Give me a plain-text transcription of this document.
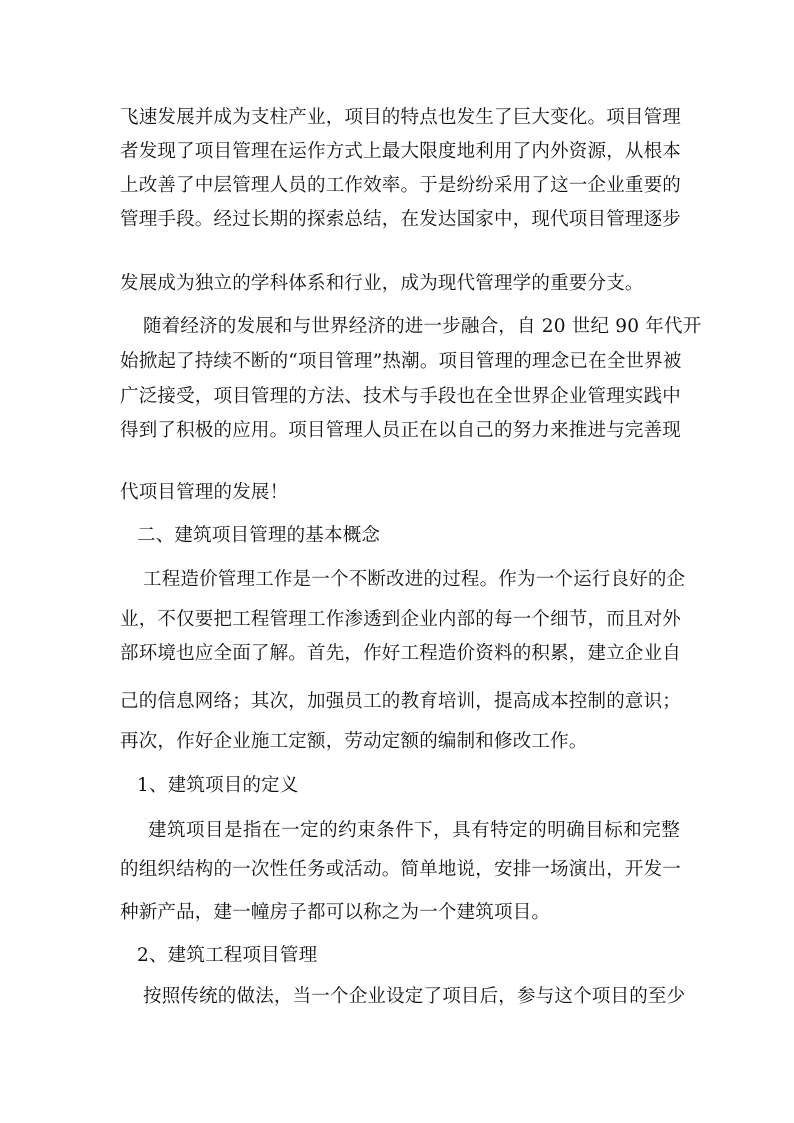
飞速发展并成为支柱产业，项目的特点也发生了巨大变化。项目管理

者发现了项目管理在运作方式上最大限度地利用了内外资源，从根本

上改善了中层管理人员的工作效率。于是纷纷采用了这一企业重要的

管理手段。经过长期的探索总结，在发达国家中，现代项目管理逐步

发展成为独立的学科体系和行业，成为现代管理学的重要分支。

随着经济的发展和与世界经济的进一步融合，自 20 世纪 90 年代开

始掀起了持续不断的“项目管理”热潮。项目管理的理念已在全世界被

广泛接受，项目管理的方法、技术与手段也在全世界企业管理实践中

得到了积极的应用。项目管理人员正在以自己的努力来推进与完善现

代项目管理的发展！

二、建筑项目管理的基本概念

工程造价管理工作是一个不断改进的过程。作为一个运行良好的企

业，不仅要把工程管理工作渗透到企业内部的每一个细节，而且对外

部环境也应全面了解。首先，作好工程造价资料的积累，建立企业自

己的信息网络；其次，加强员工的教育培训，提高成本控制的意识；

再次，作好企业施工定额，劳动定额的编制和修改工作。

1、建筑项目的定义

建筑项目是指在一定的约束条件下，具有特定的明确目标和完整

的组织结构的一次性任务或活动。简单地说，安排一场演出，开发一

种新产品，建一幢房子都可以称之为一个建筑项目。

2、建筑工程项目管理

按照传统的做法，当一个企业设定了项目后，参与这个项目的至少
